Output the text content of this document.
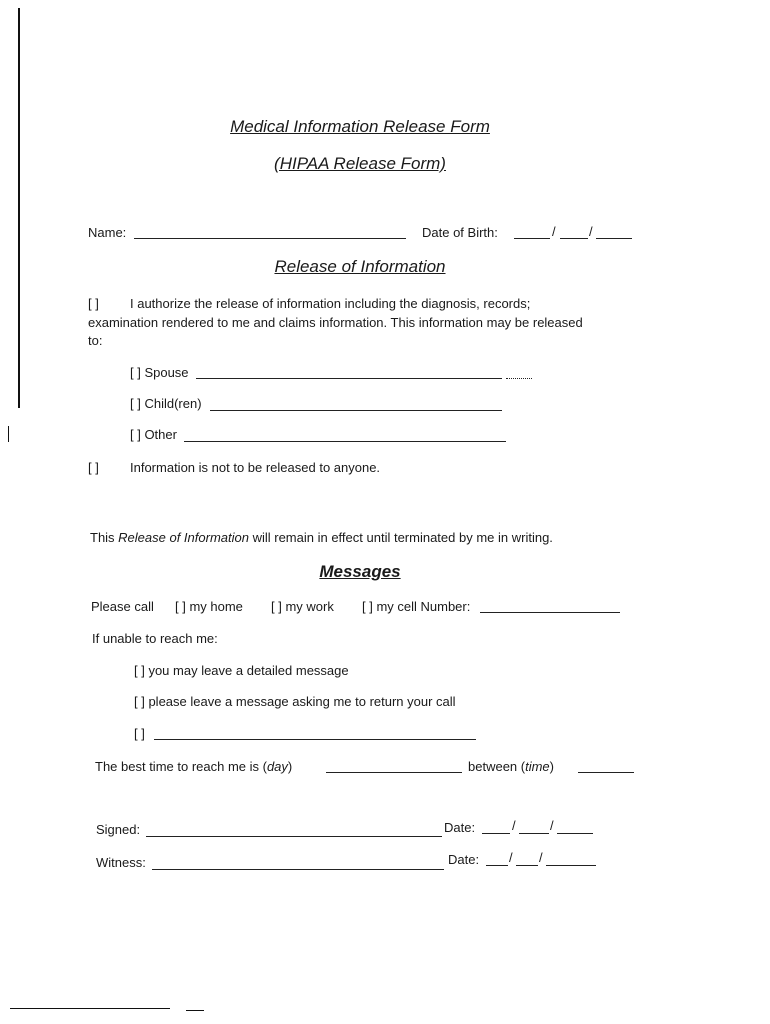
Medical Information Release Form
(HIPAA Release Form)
Name:	Date of Birth:	/	/
Release of Information
[ ] I authorize the release of information including the diagnosis, records;
examination rendered to me and claims information. This information may be released
to:
[ ] Spouse
[ ] Child(ren)
[ ] Other
[ ] Information is not to be released to anyone.
This Release of Information will remain in effect until terminated by me in writing.
Messages
Please call [ ] my home [ ] my work [ ] my cell Number:
If unable to reach me:
[ ] you may leave a detailed message
[ ] please leave a message asking me to return your call
[ ]
The best time to reach me is (day)	between (time)
Signed:	Date:	/	/
Witness:	Date: / /
